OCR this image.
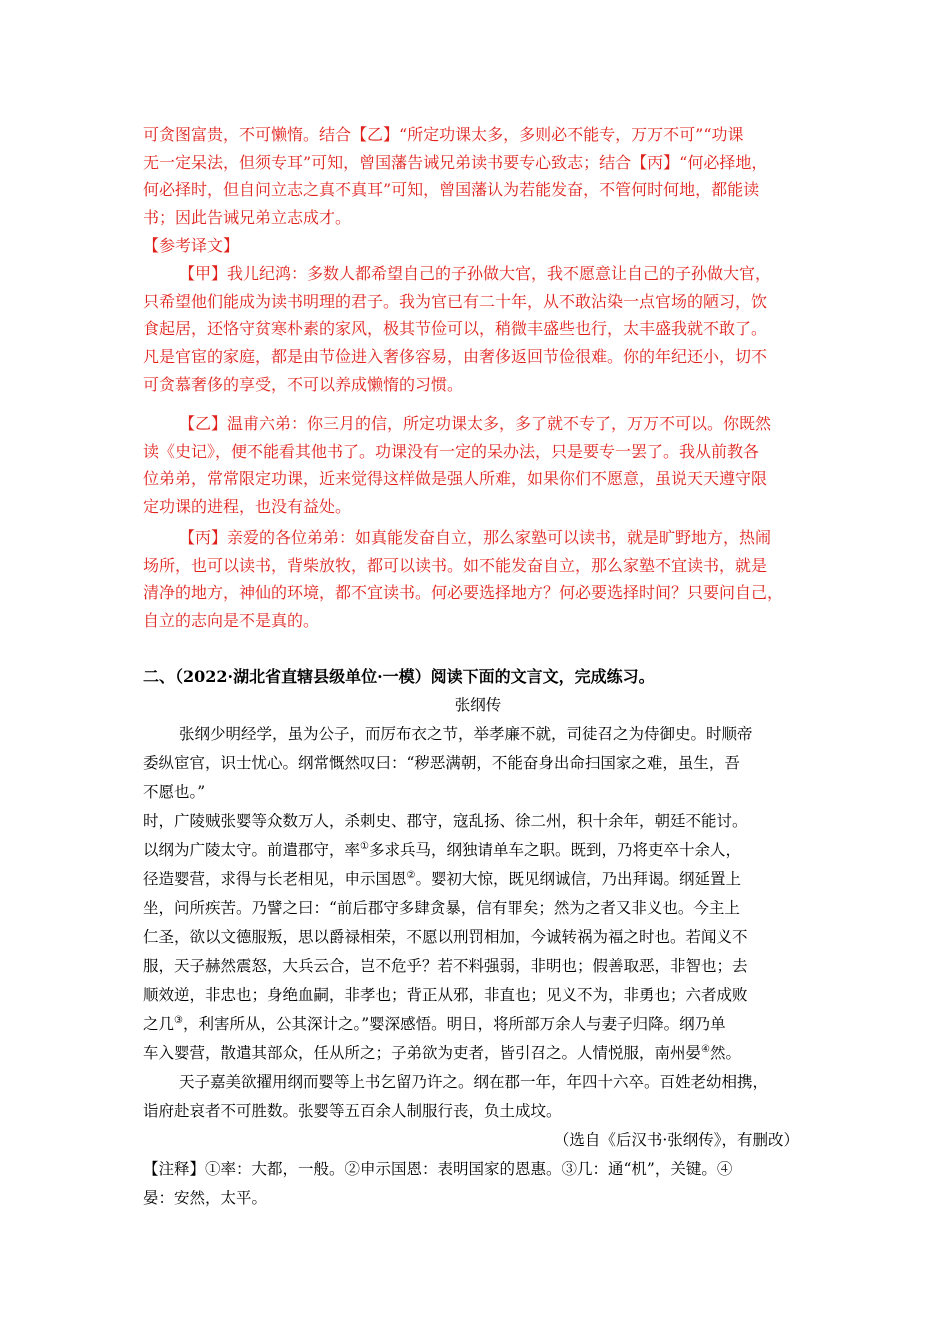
可贪图富贵，不可懒惰。结合【乙】“所定功课太多，多则必不能专，万万不可”“功课

无一定呆法，但须专耳”可知，曾国藩告诫兄弟读书要专心致志；结合【丙】“何必择地，

何必择时，但自问立志之真不真耳”可知，曾国藩认为若能发奋，不管何时何地，都能读

书；因此告诫兄弟立志成才。

【参考译文】

【甲】我儿纪鸿：多数人都希望自己的子孙做大官，我不愿意让自己的子孙做大官，

只希望他们能成为读书明理的君子。我为官已有二十年，从不敢沾染一点官场的陋习，饮

食起居，还恪守贫寒朴素的家风，极其节俭可以，稍微丰盛些也行，太丰盛我就不敢了。

凡是官宦的家庭，都是由节俭进入奢侈容易，由奢侈返回节俭很难。你的年纪还小，切不

可贪慕奢侈的享受，不可以养成懒惰的习惯。

【乙】温甫六弟：你三月的信，所定功课太多，多了就不专了，万万不可以。你既然

读《史记》，便不能看其他书了。功课没有一定的呆办法，只是要专一罢了。我从前教各

位弟弟，常常限定功课，近来觉得这样做是强人所难，如果你们不愿意，虽说天天遵守限

定功课的进程，也没有益处。

【丙】亲爱的各位弟弟：如真能发奋自立，那么家塾可以读书，就是旷野地方，热闹

场所，也可以读书，背柴放牧，都可以读书。如不能发奋自立，那么家塾不宜读书，就是

清净的地方，神仙的环境，都不宜读书。何必要选择地方？何必要选择时间？只要问自己，

自立的志向是不是真的。

二、（2022·湖北省直辖县级单位·一模）阅读下面的文言文，完成练习。

张纲传

张纲少明经学，虽为公子，而厉布衣之节，举孝廉不就，司徒召之为侍御史。时顺帝

委纵宦官，识士忧心。纲常慨然叹曰：“秽恶满朝，不能奋身出命扫国家之难，虽生，吾

不愿也。”

时，广陵贼张婴等众数万人，杀刺史、郡守，寇乱扬、徐二州，积十余年，朝廷不能讨。

以纲为广陵太守。前遣郡守，率①多求兵马，纲独请单车之职。既到，乃将吏卒十余人，

径造婴营，求得与长老相见，申示国恩②。婴初大惊，既见纲诚信，乃出拜谒。纲延置上

坐，问所疾苦。乃譬之曰：“前后郡守多肆贪暴，信有罪矣；然为之者又非义也。今主上

仁圣，欲以文德服叛，思以爵禄相荣，不愿以刑罚相加，今诚转祸为福之时也。若闻义不

服，天子赫然震怒，大兵云合，岂不危乎？若不料强弱，非明也；假善取恶，非智也；去

顺效逆，非忠也；身绝血嗣，非孝也；背正从邪，非直也；见义不为，非勇也；六者成败

之几③，利害所从，公其深计之。”婴深感悟。明日，将所部万余人与妻子归降。纲乃单

车入婴营，散遣其部众，任从所之；子弟欲为吏者，皆引召之。人情悦服，南州晏④然。

天子嘉美欲擢用纲而婴等上书乞留乃许之。纲在郡一年，年四十六卒。百姓老幼相携，

诣府赴哀者不可胜数。张婴等五百余人制服行丧，负土成坟。

（选自《后汉书·张纲传》，有删改）

【注释】①率：大都，一般。②申示国恩：表明国家的恩惠。③几：通“机”，关键。④

晏：安然，太平。
